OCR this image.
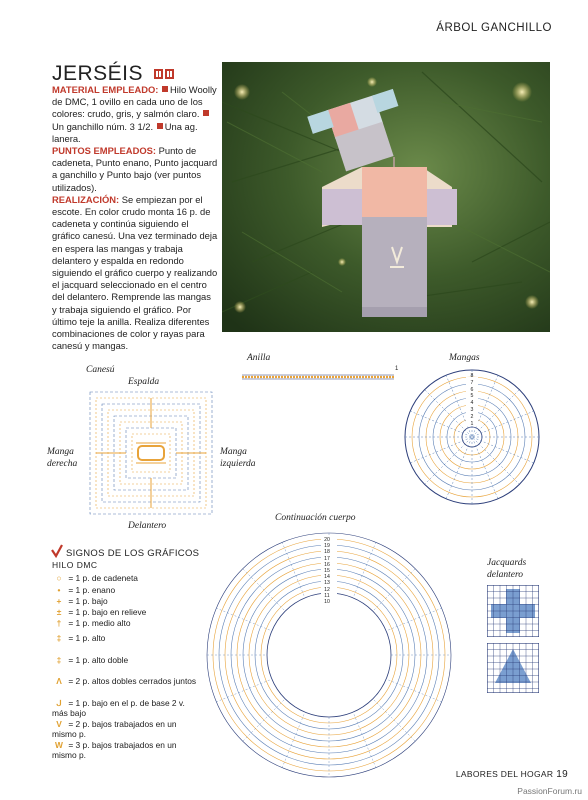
ÁRBOL GANCHILLO
JERSÉIS

MATERIAL EMPLEADO: Hilo Woolly de DMC, 1 ovillo en cada uno de los colores: crudo, gris, y salmón claro. Un ganchillo núm. 3 1/2. Una ag. lanera.

PUNTOS EMPLEADOS: Punto de cadeneta, Punto enano, Punto jacquard a ganchillo y Punto bajo (ver puntos utilizados).

REALIZACIÓN: Se empiezan por el escote. En color crudo monta 16 p. de cadeneta y continúa siguiendo el gráfico canesú. Una vez terminado deja en espera las mangas y trabaja delantero y espalda en redondo siguiendo el gráfico cuerpo y realizando el jacquard seleccionado en el centro del delantero. Remprende las mangas y trabaja siguiendo el gráfico. Por último teje la anilla. Realiza diferentes combinaciones de color y rayas para canesú y mangas.

Anilla
1
Mangas
8
7
6
5
4
3
2
1
Canesú
Espalda
Manga
derecha
Manga
izquierda
Delantero
Continuación cuerpo
20
19
18
17
16
15
14
13
12
11
10
Jacquards
delantero
SIGNOS DE LOS GRÁFICOS
HILO DMC
○ = 1 p. de cadeneta
• = 1 p. enano
+ = 1 p. bajo
± = 1 p. bajo en relieve
† = 1 p. medio alto
‡ = 1 p. alto
‡ = 1 p. alto doble
Λ = 2 p. altos dobles cerrados juntos
ᒍ = 1 p. bajo en el p. de base 2 v. más bajo
V = 2 p. bajos trabajados en un mismo p.
W = 3 p. bajos trabajados en un mismo p.
LABORES DEL HOGAR 19
PassionForum.ru
